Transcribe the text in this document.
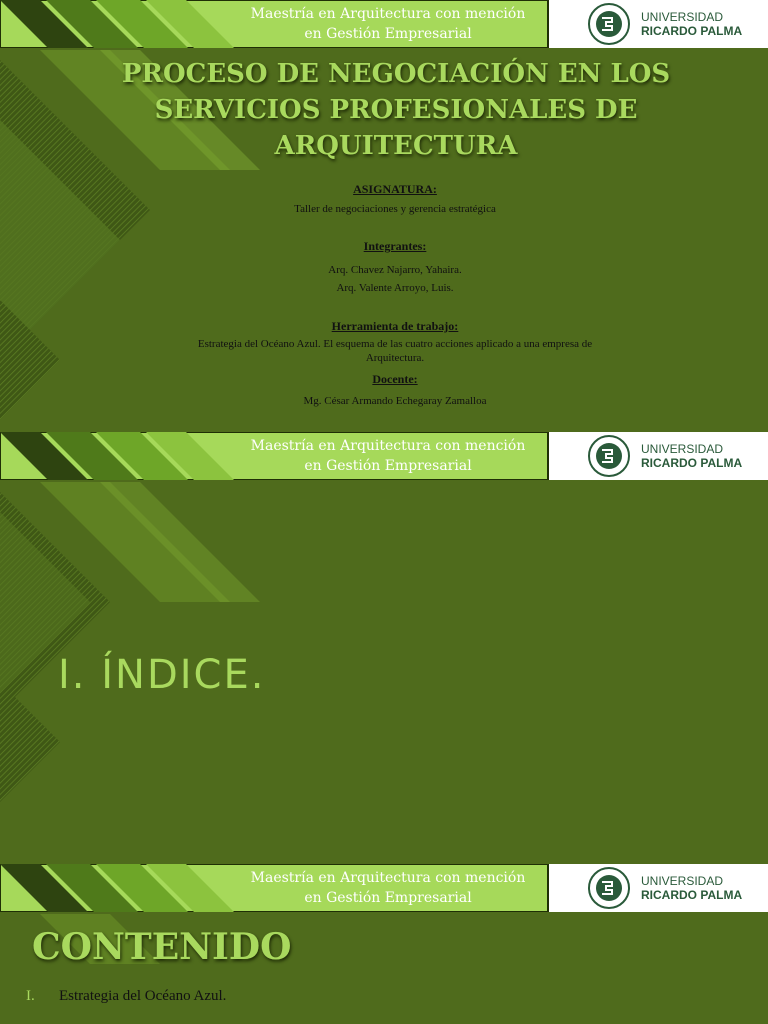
Maestría en Arquitectura con mención
en Gestión Empresarial
UNIVERSIDAD
RICARDO PALMA
PROCESO DE NEGOCIACIÓN EN LOS SERVICIOS PROFESIONALES DE ARQUITECTURA
ASIGNATURA:
Taller de negociaciones y gerencia estratégica
Integrantes:
Arq. Chavez Najarro, Yahaira.
Arq. Valente Arroyo, Luis.
Herramienta de trabajo:
Estrategia del Océano Azul. El esquema de las cuatro acciones aplicado a una empresa de Arquitectura.
Docente:
Mg. César Armando Echegaray Zamalloa
Maestría en Arquitectura con mención
en Gestión Empresarial
UNIVERSIDAD
RICARDO PALMA
I. ÍNDICE.
Maestría en Arquitectura con mención
en Gestión Empresarial
UNIVERSIDAD
RICARDO PALMA
CONTENIDO
I. Estrategia del Océano Azul.
